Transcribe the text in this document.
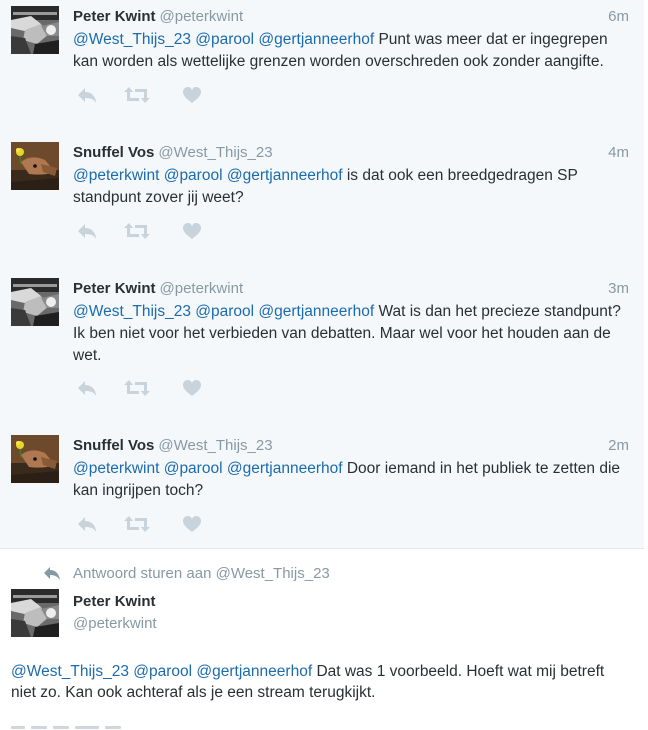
Peter Kwint @peterkwint	6m
@West_Thijs_23 @parool @gertjanneerhof Punt was meer dat er ingegrepen kan worden als wettelijke grenzen worden overschreden ook zonder aangifte.
Snuffel Vos @West_Thijs_23	4m
@peterkwint @parool @gertjanneerhof is dat ook een breedgedragen SP standpunt zover jij weet?
Peter Kwint @peterkwint	3m
@West_Thijs_23 @parool @gertjanneerhof Wat is dan het precieze standpunt? Ik ben niet voor het verbieden van debatten. Maar wel voor het houden aan de wet.
Snuffel Vos @West_Thijs_23	2m
@peterkwint @parool @gertjanneerhof Door iemand in het publiek te zetten die kan ingrijpen toch?
Antwoord sturen aan @West_Thijs_23
Peter Kwint
@peterkwint
@West_Thijs_23 @parool @gertjanneerhof Dat was 1 voorbeeld. Hoeft wat mij betreft niet zo. Kan ook achteraf als je een stream terugkijkt.
